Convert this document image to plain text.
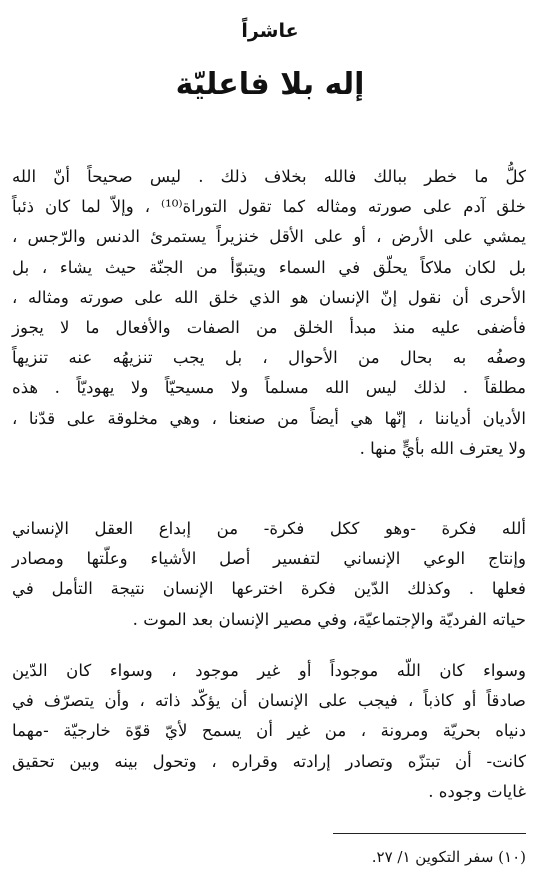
عاشراً
إله بلا فاعليّة

كلُّ ما خطر ببالك فالله بخلاف ذلك . ليس صحيحاً أنّ الله
خلق آدم على صورته ومثاله كما تقول التوراة⁽¹⁰⁾ ، وإلاّ لما كان ذئباً
يمشي على الأرض ، أو على الأقل خنزيراً يستمرئ الدنس والرّجس ،
بل لكان ملاكاً يحلّق في السماء ويتبوّأ من الجنّة حيث يشاء ، بل
الأحرى أن نقول إنّ الإنسان هو الذي خلق الله على صورته ومثاله ،
فأضفى عليه منذ مبدأ الخلق من الصفات والأفعال ما لا يجوز
وصفُه به بحال من الأحوال ، بل يجب تنزيهُه عنه تنزيهاً
مطلقاً . لذلك ليس الله مسلماً ولا مسيحيّاً ولا يهوديّاً . هذه
الأديان أدياننا ، إنّها هي أيضاً من صنعنا ، وهي مخلوقة على قدّنا ،
ولا يعترف الله بأيٍّ منها .

ألله فكرة -وهو ككل فكرة- من إبداع العقل الإنساني
وإنتاج الوعي الإنساني لتفسير أصل الأشياء وعلّتها ومصادر
فعلها . وكذلك الدّين فكرة اخترعها الإنسان نتيجة التأمل في
حياته الفرديّة والإجتماعيّة، وفي مصير الإنسان بعد الموت .

وسواء كان اللّه موجوداً أو غير موجود ، وسواء كان الدّين
صادقاً أو كاذباً ، فيجب على الإنسان أن يؤكّد ذاته ، وأن يتصرّف في
دنياه بحريّة ومرونة ، من غير أن يسمح لأيّ قوّة خارجيّة -مهما
كانت- أن تبتزّه وتصادر إرادته وقراره ، وتحول بينه وبين تحقيق
غايات وجوده .

(١٠) سفر التكوين ١/ ٢٧.
